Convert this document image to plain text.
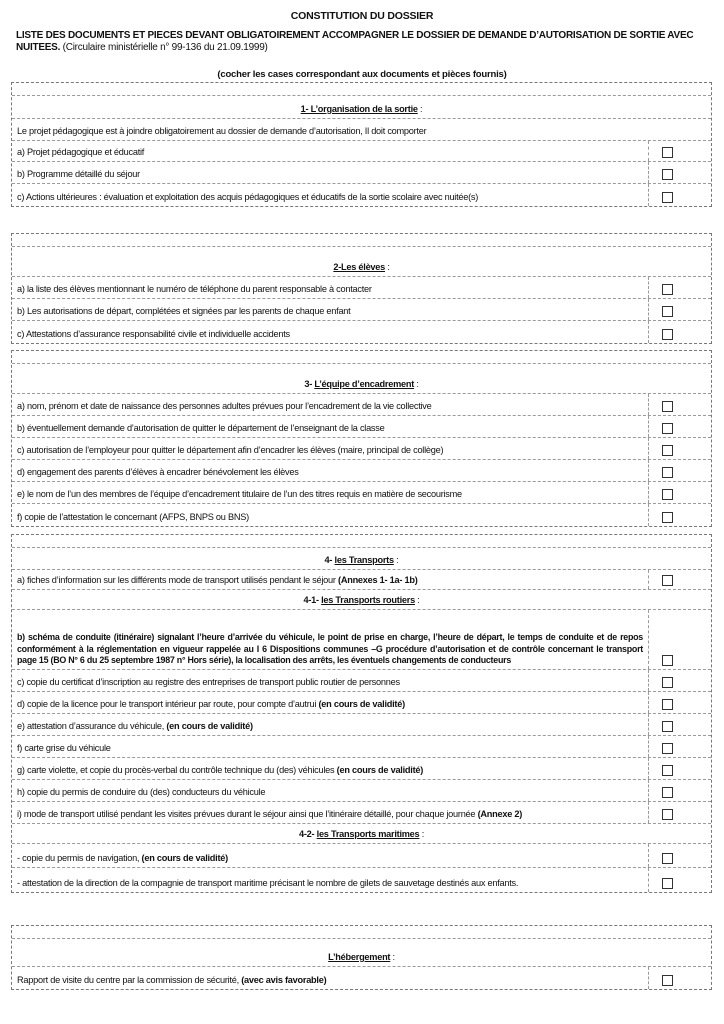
CONSTITUTION DU DOSSIER
LISTE DES DOCUMENTS ET PIECES DEVANT OBLIGATOIREMENT ACCOMPAGNER LE DOSSIER DE DEMANDE D’AUTORISATION DE SORTIE AVEC NUITEES. (Circulaire ministérielle n° 99-136 du 21.09.1999)
(cocher les cases correspondant aux documents et pièces fournis)
1- L’organisation de la sortie :
Le projet pédagogique est à joindre obligatoirement au dossier de demande d’autorisation, Il doit comporter
a) Projet pédagogique et éducatif
b) Programme détaillé du séjour
c) Actions ultérieures : évaluation et exploitation des acquis pédagogiques et éducatifs de la sortie scolaire avec nuitée(s)
2-Les élèves :
a) la liste des élèves mentionnant le numéro de téléphone du parent responsable à contacter
b) Les autorisations de départ, complétées et signées par les parents de chaque enfant
c) Attestations d’assurance responsabilité civile et individuelle accidents
3- L’équipe d’encadrement :
a) nom, prénom et date de naissance des personnes adultes prévues pour l’encadrement de la vie collective
b) éventuellement demande d’autorisation de quitter le département de l’enseignant de la classe
c) autorisation de l’employeur pour quitter le département afin d’encadrer les élèves (maire, principal de collège)
d) engagement des parents d’élèves à encadrer bénévolement les élèves
e) le nom de l’un des membres de l’équipe d’encadrement titulaire de l’un des titres requis en matière de secourisme
f) copie de l’attestation le concernant (AFPS, BNPS ou BNS)
4- les Transports :
a) fiches d’information sur les différents mode de transport utilisés pendant le séjour (Annexes 1- 1a- 1b)
4-1- les Transports routiers :
b) schéma de conduite (itinéraire) signalant l’heure d’arrivée du véhicule, le point de prise en charge, l’heure de départ, le temps de conduite et de repos conformément à la réglementation en vigueur rappelée au I 6 Dispositions communes –G procédure d’autorisation et de contrôle concernant le transport page 15 (BO N° 6 du 25 septembre 1987 n° Hors série), la localisation des arrêts, les éventuels changements de conducteurs
c) copie du certificat d’inscription au registre des entreprises de transport public routier de personnes
d) copie de la licence pour le transport intérieur par route, pour compte d’autrui (en cours de validité)
e) attestation d’assurance du véhicule, (en cours de validité)
f) carte grise du véhicule
g) carte violette, et copie du procès-verbal du contrôle technique du (des) véhicules (en cours de validité)
h) copie du permis de conduire du (des) conducteurs du véhicule
i) mode de transport utilisé pendant les visites prévues durant le séjour ainsi que l’itinéraire détaillé, pour chaque journée (Annexe 2)
4-2- les Transports maritimes :
- copie du permis de navigation, (en cours de validité)
- attestation de la direction de la compagnie de transport maritime précisant le nombre de gilets de sauvetage destinés aux enfants.
L’hébergement :
Rapport de visite du centre par la commission de sécurité, (avec avis favorable)
